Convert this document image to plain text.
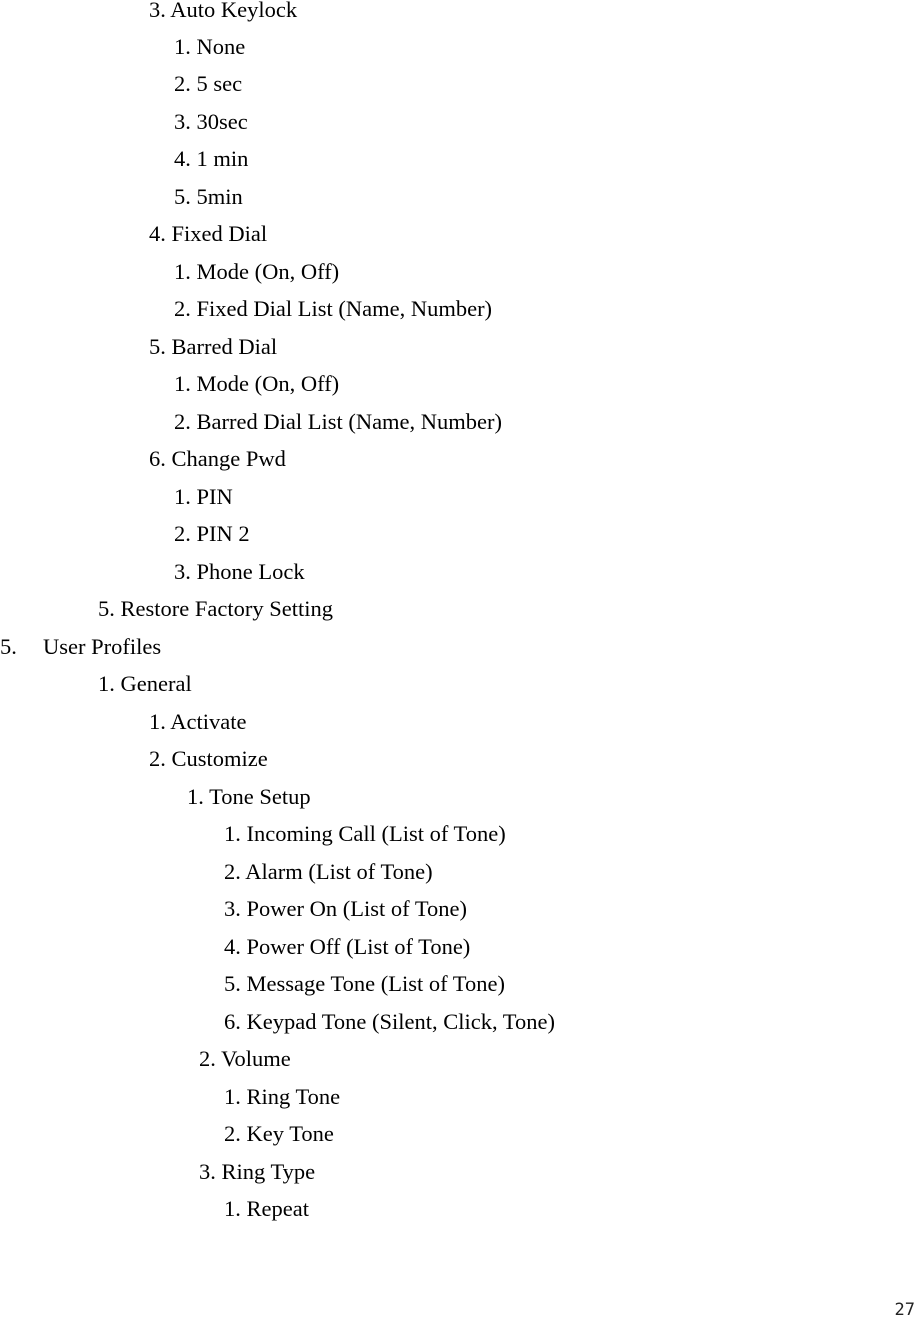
3. Auto Keylock
1. None
2. 5 sec
3. 30sec
4. 1 min
5. 5min
4. Fixed Dial
1. Mode (On, Off)
2. Fixed Dial List (Name, Number)
5. Barred Dial
1. Mode (On, Off)
2. Barred Dial List (Name, Number)
6. Change Pwd
1. PIN
2. PIN 2
3. Phone Lock
5. Restore Factory Setting
5. User Profiles
1. General
1. Activate
2. Customize
1. Tone Setup
1. Incoming Call (List of Tone)
2. Alarm (List of Tone)
3. Power On (List of Tone)
4. Power Off (List of Tone)
5. Message Tone (List of Tone)
6. Keypad Tone (Silent, Click, Tone)
2. Volume
1. Ring Tone
2. Key Tone
3. Ring Type
1. Repeat
27
